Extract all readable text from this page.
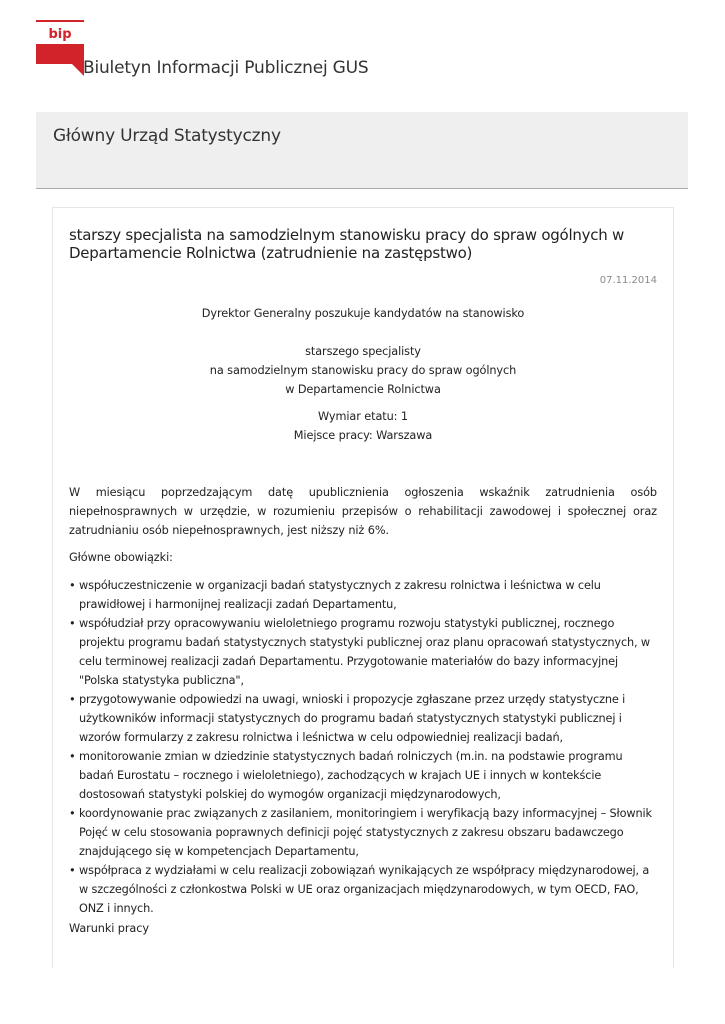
bip
Biuletyn Informacji Publicznej GUS
Główny Urząd Statystyczny
starszy specjalista na samodzielnym stanowisku pracy do spraw ogólnych w Departamencie Rolnictwa (zatrudnienie na zastępstwo)
07.11.2014
Dyrektor Generalny poszukuje kandydatów na stanowisko
starszego specjalisty
na samodzielnym stanowisku pracy do spraw ogólnych
w Departamencie Rolnictwa
Wymiar etatu: 1
Miejsce pracy: Warszawa
W miesiącu poprzedzającym datę upublicznienia ogłoszenia wskaźnik zatrudnienia osób niepełnosprawnych w urzędzie, w rozumieniu przepisów o rehabilitacji zawodowej i społecznej oraz zatrudnianiu osób niepełnosprawnych, jest niższy niż 6%.
Główne obowiązki:
• współuczestniczenie w organizacji badań statystycznych z zakresu rolnictwa i leśnictwa w celu prawidłowej i harmonijnej realizacji zadań Departamentu,
• współudział przy opracowywaniu wieloletniego programu rozwoju statystyki publicznej, rocznego projektu programu badań statystycznych statystyki publicznej oraz planu opracowań statystycznych, w celu terminowej realizacji zadań Departamentu. Przygotowanie materiałów do bazy informacyjnej "Polska statystyka publiczna",
• przygotowywanie odpowiedzi na uwagi, wnioski i propozycje zgłaszane przez urzędy statystyczne i użytkowników informacji statystycznych do programu badań statystycznych statystyki publicznej i wzorów formularzy z zakresu rolnictwa i leśnictwa w celu odpowiedniej realizacji badań,
• monitorowanie zmian w dziedzinie statystycznych badań rolniczych (m.in. na podstawie programu badań Eurostatu – rocznego i wieloletniego), zachodzących w krajach UE i innych w kontekście dostosowań statystyki polskiej do wymogów organizacji międzynarodowych,
• koordynowanie prac związanych z zasilaniem, monitoringiem i weryfikacją bazy informacyjnej – Słownik Pojęć w celu stosowania poprawnych definicji pojęć statystycznych z zakresu obszaru badawczego znajdującego się w kompetencjach Departamentu,
• współpraca z wydziałami w celu realizacji zobowiązań wynikających ze współpracy międzynarodowej, a w szczególności z członkostwa Polski w UE oraz organizacjach międzynarodowych, w tym OECD, FAO, ONZ i innych.
Warunki pracy
